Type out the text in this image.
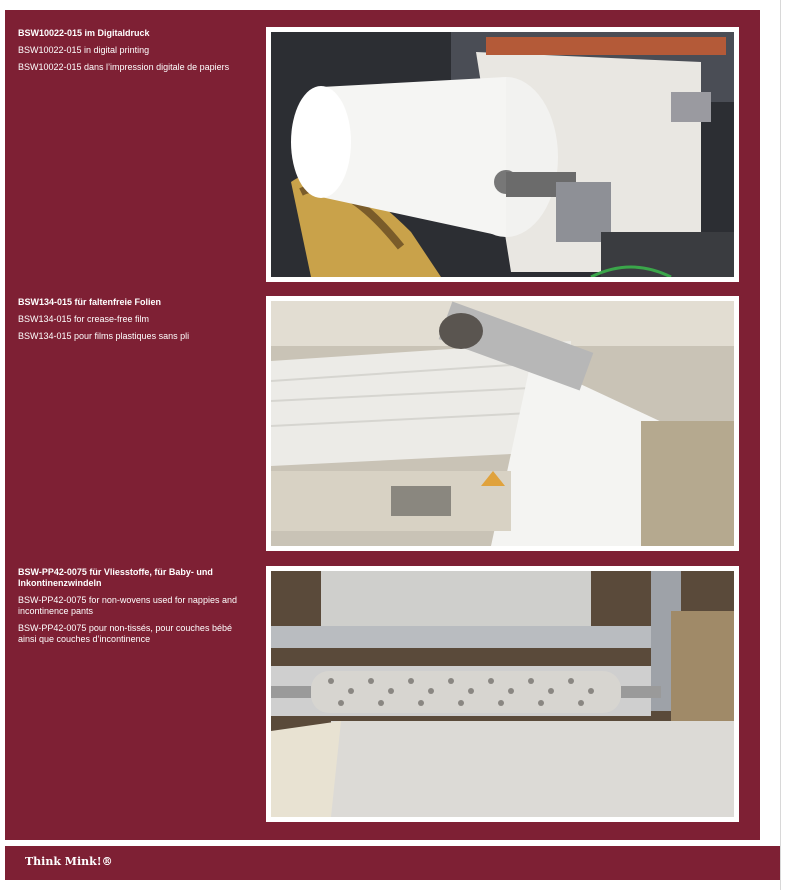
BSW10022-015 im Digitaldruck
BSW10022-015 in digital printing
BSW10022-015 dans l’impression digitale de papiers
BSW134-015 für faltenfreie Folien
BSW134-015 for crease-free film
BSW134-015 pour films plastiques sans pli
BSW-PP42-0075 für Vliesstoffe, für Baby- und Inkontinenzwindeln
BSW-PP42-0075 for non-wovens used for nappies and incontinence pants
BSW-PP42-0075 pour non-tissés, pour couches bébé ainsi que couches d’incontinence
Think Mink!®
